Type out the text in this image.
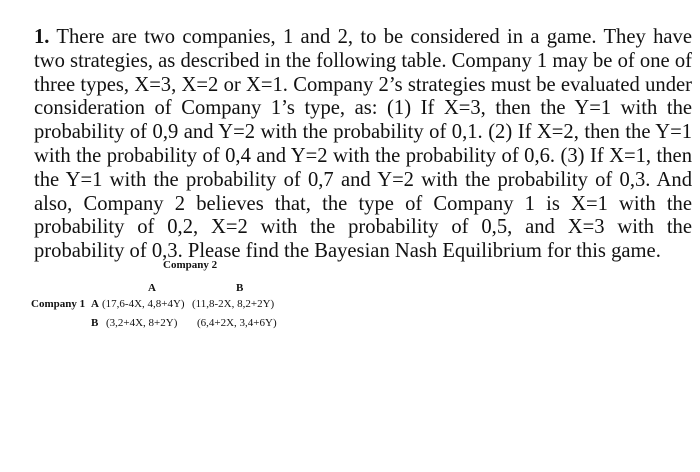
1. There are two companies, 1 and 2, to be considered in a game. They have two strategies, as described in the following table. Company 1 may be of one of three types, X=3, X=2 or X=1. Company 2’s strategies must be evaluated under consideration of Company 1’s type, as: (1) If X=3, then the Y=1 with the probability of 0,9 and Y=2 with the probability of 0,1. (2) If X=2, then the Y=1 with the probability of 0,4 and Y=2 with the probability of 0,6. (3) If X=1, then the Y=1 with the probability of 0,7 and Y=2 with the probability of 0,3. And also, Company 2 believes that, the type of Company 1 is X=1 with the probability of 0,2, X=2 with the probability of 0,5, and X=3 with the probability of 0,3. Please find the Bayesian Nash Equilibrium for this game.

Company 2
A	B
Company 1 A (17,6-4X, 4,8+4Y) (11,8-2X, 8,2+2Y)
B (3,2+4X, 8+2Y) (6,4+2X, 3,4+6Y)
